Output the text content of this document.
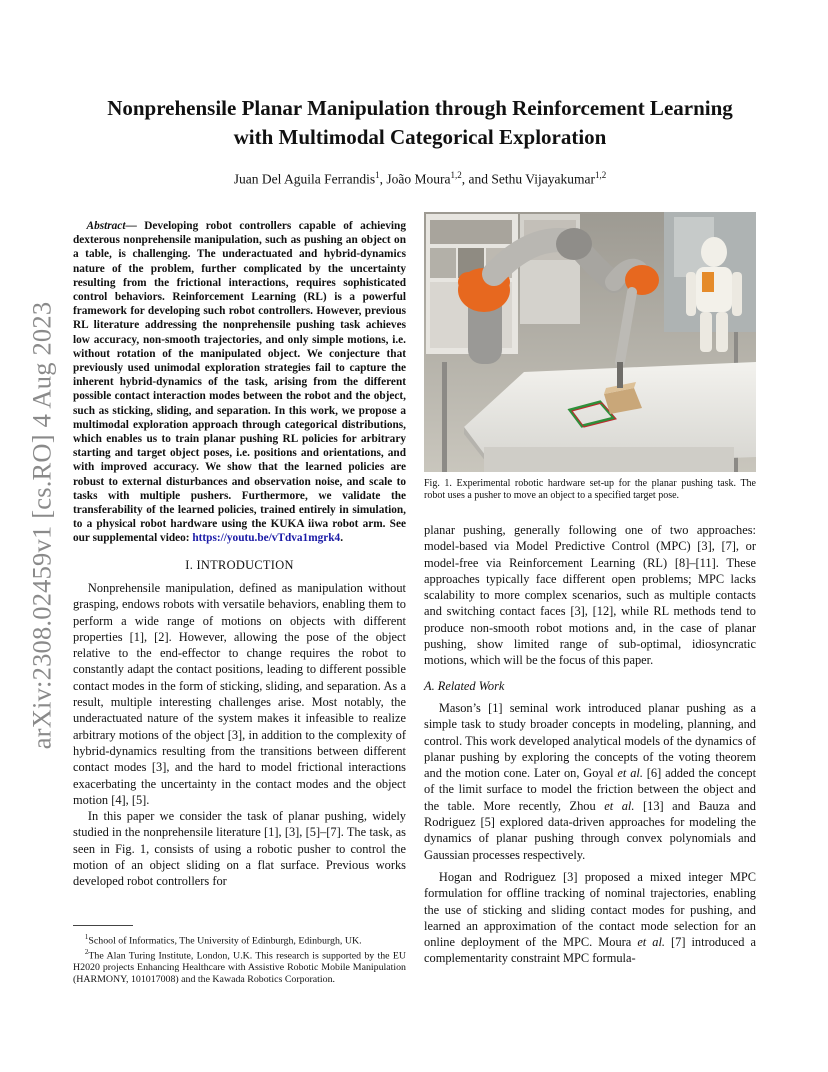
arXiv:2308.02459v1 [cs.RO] 4 Aug 2023
Nonprehensile Planar Manipulation through Reinforcement Learning
with Multimodal Categorical Exploration
Juan Del Aguila Ferrandis$^1$, João Moura$^{1,2}$, and Sethu Vijayakumar$^{1,2}$

Abstract— Developing robot controllers capable of achieving dexterous nonprehensile manipulation, such as pushing an object on a table, is challenging. The underactuated and hybrid-dynamics nature of the problem, further complicated by the uncertainty resulting from the frictional interactions, requires sophisticated control behaviors. Reinforcement Learning (RL) is a powerful framework for developing such robot controllers. However, previous RL literature addressing the nonprehensile pushing task achieves low accuracy, non-smooth trajectories, and only simple motions, i.e. without rotation of the manipulated object. We conjecture that previously used unimodal exploration strategies fail to capture the inherent hybrid-dynamics of the task, arising from the different possible contact interaction modes between the robot and the object, such as sticking, sliding, and separation. In this work, we propose a multimodal exploration approach through categorical distributions, which enables us to train planar pushing RL policies for arbitrary starting and target object poses, i.e. positions and orientations, and with improved accuracy. We show that the learned policies are robust to external disturbances and observation noise, and scale to tasks with multiple pushers. Furthermore, we validate the transferability of the learned policies, trained entirely in simulation, to a physical robot hardware using the KUKA iiwa robot arm. See our supplemental video: https://youtu.be/vTdva1mgrk4.

I. INTRODUCTION

Nonprehensile manipulation, defined as manipulation without grasping, endows robots with versatile behaviors, enabling them to perform a wide range of motions on objects with different properties [1], [2]. However, allowing the pose of the object relative to the end-effector to change requires the robot to constantly adapt the contact positions, leading to different possible contact modes in the form of sticking, sliding, and separation. As a result, multiple interesting challenges arise. Most notably, the underactuated nature of the system makes it infeasible to realize arbitrary motions of the object [3], in addition to the complexity of hybrid-dynamics resulting from the transitions between different contact modes [3], and the hard to model frictional interactions exacerbating the uncertainty in the contact modes and the object motion [4], [5].

In this paper we consider the task of planar pushing, widely studied in the nonprehensile literature [1], [3], [5]–[7]. The task, as seen in Fig. 1, consists of using a robotic pusher to control the motion of an object sliding on a flat surface. Previous works developed robot controllers for

$^1$School of Informatics, The University of Edinburgh, Edinburgh, UK.

$^2$The Alan Turing Institute, London, U.K. This research is supported by the EU H2020 projects Enhancing Healthcare with Assistive Robotic Mobile Manipulation (HARMONY, 101017008) and the Kawada Robotics Corporation.

Fig. 1. Experimental robotic hardware set-up for the planar pushing task. The robot uses a pusher to move an object to a specified target pose.

planar pushing, generally following one of two approaches: model-based via Model Predictive Control (MPC) [3], [7], or model-free via Reinforcement Learning (RL) [8]–[11]. These approaches typically face different open problems; MPC lacks scalability to more complex scenarios, such as multiple contacts and switching contact faces [3], [12], while RL methods tend to produce non-smooth robot motions and, in the case of planar pushing, show limited range of sub-optimal, idiosyncratic motions, which will be the focus of this paper.

A. Related Work

Mason’s [1] seminal work introduced planar pushing as a simple task to study broader concepts in modeling, planning, and control. This work developed analytical models of the dynamics of planar pushing by exploring the concepts of the voting theorem and the motion cone. Later on, Goyal et al. [6] added the concept of the limit surface to model the friction between the object and the table. More recently, Zhou et al. [13] and Bauza and Rodriguez [5] explored data-driven approaches for modeling the dynamics of planar pushing through convex polynomials and Gaussian processes respectively.

Hogan and Rodriguez [3] proposed a mixed integer MPC formulation for offline tracking of nominal trajectories, enabling the use of sticking and sliding contact modes for pushing, and learned an approximation of the contact mode selection for an online deployment of the MPC. Moura et al. [7] introduced a complementarity constraint MPC formula-
